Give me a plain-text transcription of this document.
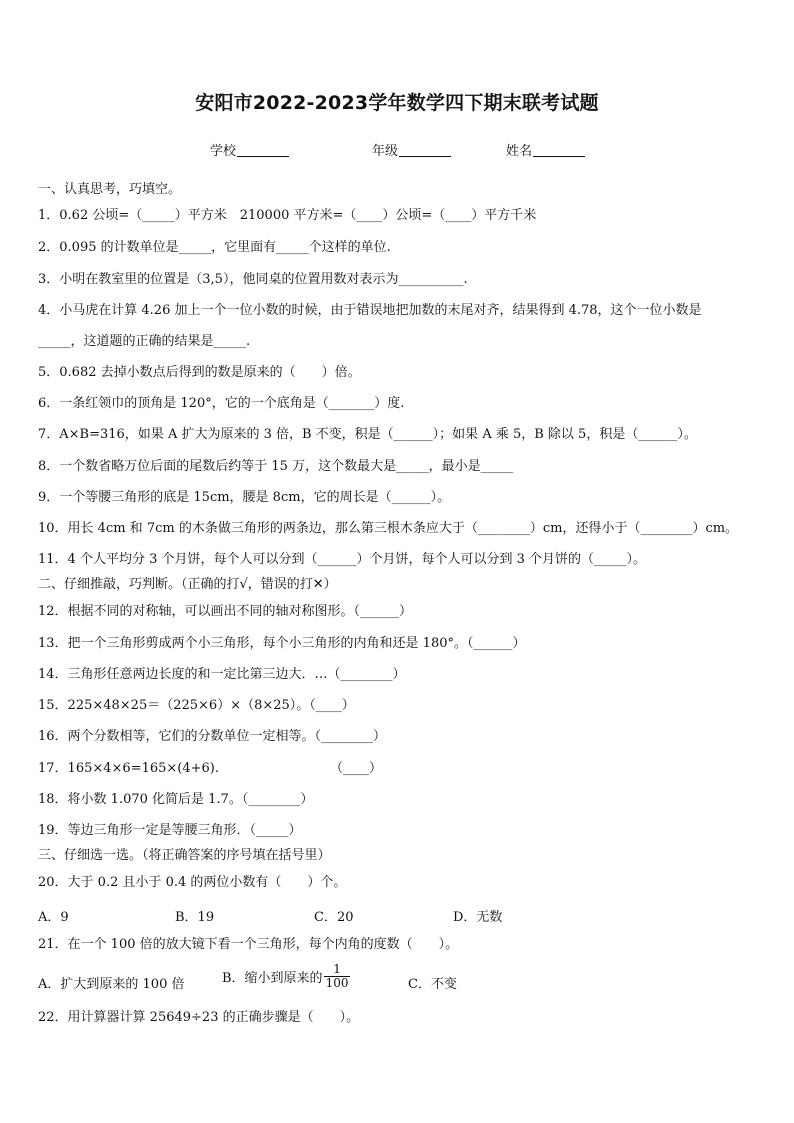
安阳市2022-2023学年数学四下期末联考试题
学校	年级	姓名
一、认真思考，巧填空。
1．0.62 公顷=（_____）平方米　210000 平方米=（____）公顷=（____）平方千米
2．0.095 的计数单位是_____，它里面有_____个这样的单位.
3．小明在教室里的位置是（3,5），他同桌的位置用数对表示为__________.
4．小马虎在计算 4.26 加上一个一位小数的时候，由于错误地把加数的末尾对齐，结果得到 4.78，这个一位小数是
_____，这道题的正确的结果是_____.
5．0.682 去掉小数点后得到的数是原来的（　　）倍。
6．一条红领巾的顶角是 120°，它的一个底角是（_______）度.
7．A×B=316，如果 A 扩大为原来的 3 倍，B 不变，积是（______）；如果 A 乘 5，B 除以 5，积是（______）。
8．一个数省略万位后面的尾数后约等于 15 万，这个数最大是_____，最小是_____
9．一个等腰三角形的底是 15cm，腰是 8cm，它的周长是（______）。
10．用长 4cm 和 7cm 的木条做三角形的两条边，那么第三根木条应大于（________）cm，还得小于（________）cm。
11．4 个人平均分 3 个月饼，每个人可以分到（______）个月饼，每个人可以分到 3 个月饼的（_____）。
二、仔细推敲，巧判断。（正确的打√，错误的打✕）
12．根据不同的对称轴，可以画出不同的轴对称图形。（______）
13．把一个三角形剪成两个小三角形，每个小三角形的内角和还是 180°。（______）
14．三角形任意两边长度的和一定比第三边大．…（________）
15．225×48×25＝（225×6）×（8×25）。（____）
16．两个分数相等，它们的分数单位一定相等。（________）
17．165×4×6=165×(4+6).	（____）
18．将小数 1.070 化简后是 1.7。（________）
19．等边三角形一定是等腰三角形．（_____）
三、仔细选一选。（将正确答案的序号填在括号里）
20．大于 0.2 且小于 0.4 的两位小数有（　　）个。
A．9	B．19	C．20	D．无数
21．在一个 100 倍的放大镜下看一个三角形，每个内角的度数（　　）。
A．扩大到原来的 100 倍	B．缩小到原来的 $\frac{1}{100}$	C．不变
22．用计算器计算 25649÷23 的正确步骤是（　　）。
